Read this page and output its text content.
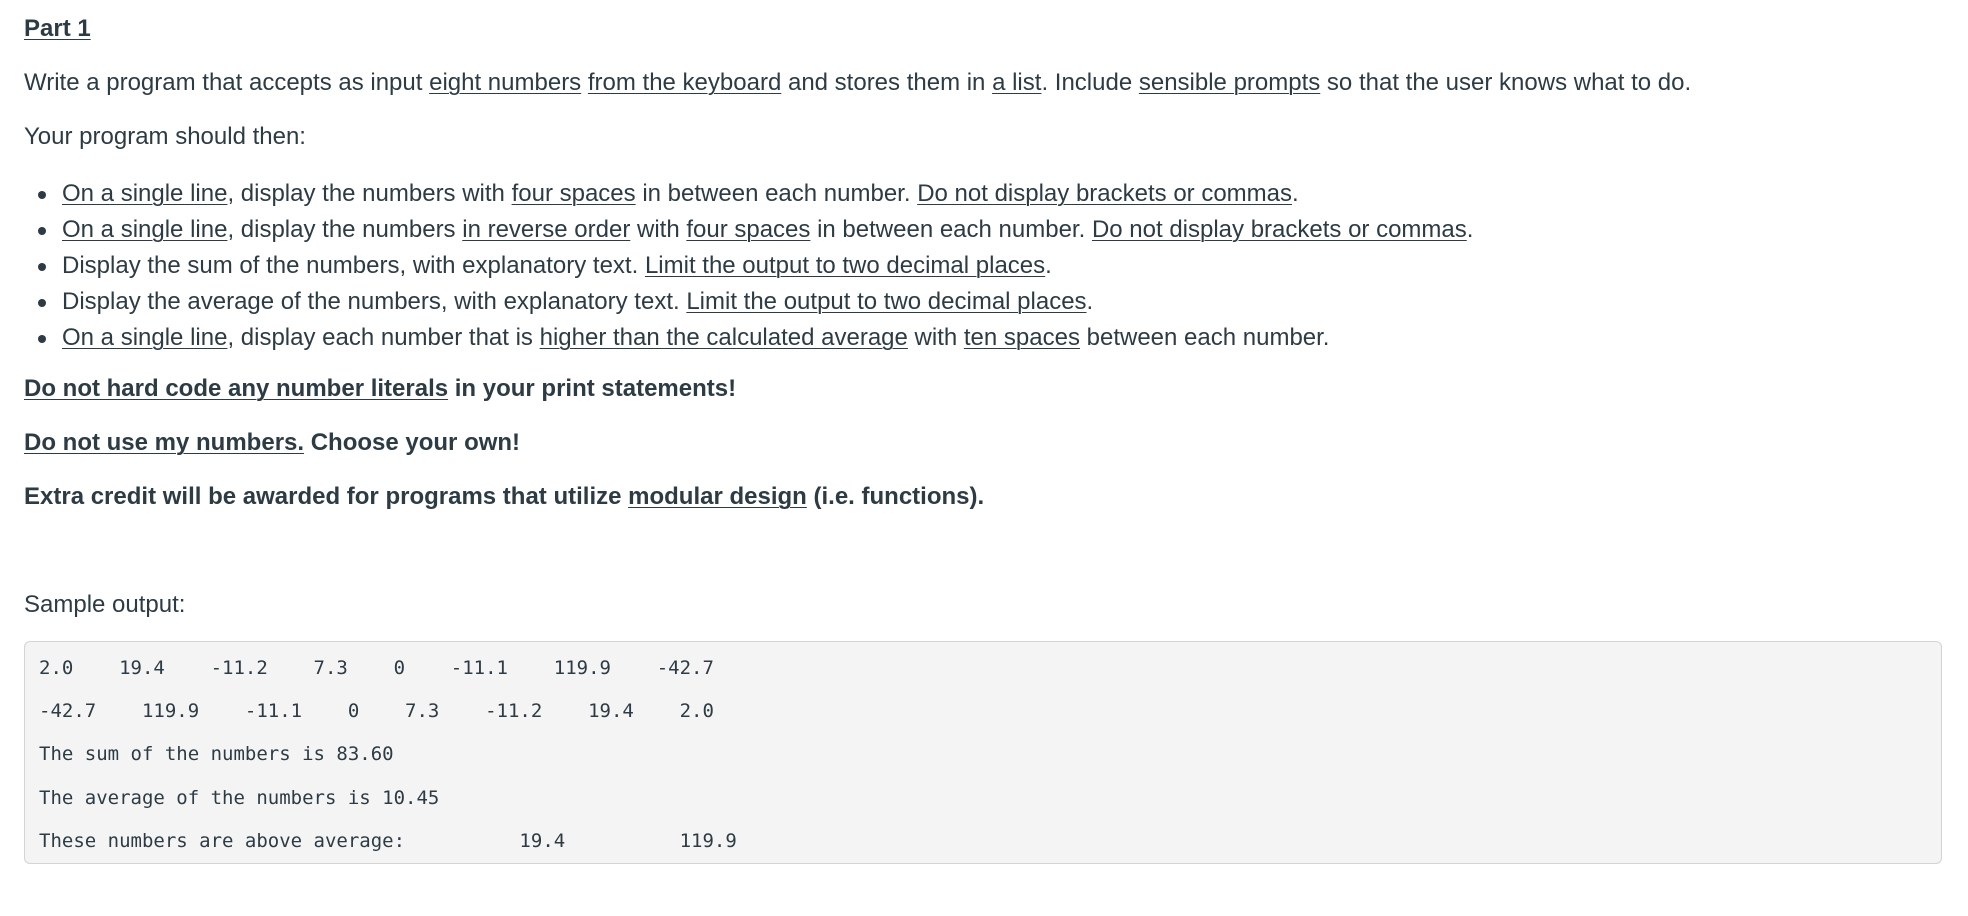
Part 1

Write a program that accepts as input eight numbers from the keyboard and stores them in a list. Include sensible prompts so that the user knows what to do.

Your program should then:

On a single line, display the numbers with four spaces in between each number. Do not display brackets or commas.
On a single line, display the numbers in reverse order with four spaces in between each number. Do not display brackets or commas.
Display the sum of the numbers, with explanatory text. Limit the output to two decimal places.
Display the average of the numbers, with explanatory text. Limit the output to two decimal places.
On a single line, display each number that is higher than the calculated average with ten spaces between each number.

Do not hard code any number literals in your print statements!

Do not use my numbers. Choose your own!

Extra credit will be awarded for programs that utilize modular design (i.e. functions).

Sample output:

2.0    19.4    -11.2    7.3    0    -11.1    119.9    -42.7
-42.7    119.9    -11.1    0    7.3    -11.2    19.4    2.0
The sum of the numbers is 83.60
The average of the numbers is 10.45
These numbers are above average:          19.4          119.9
